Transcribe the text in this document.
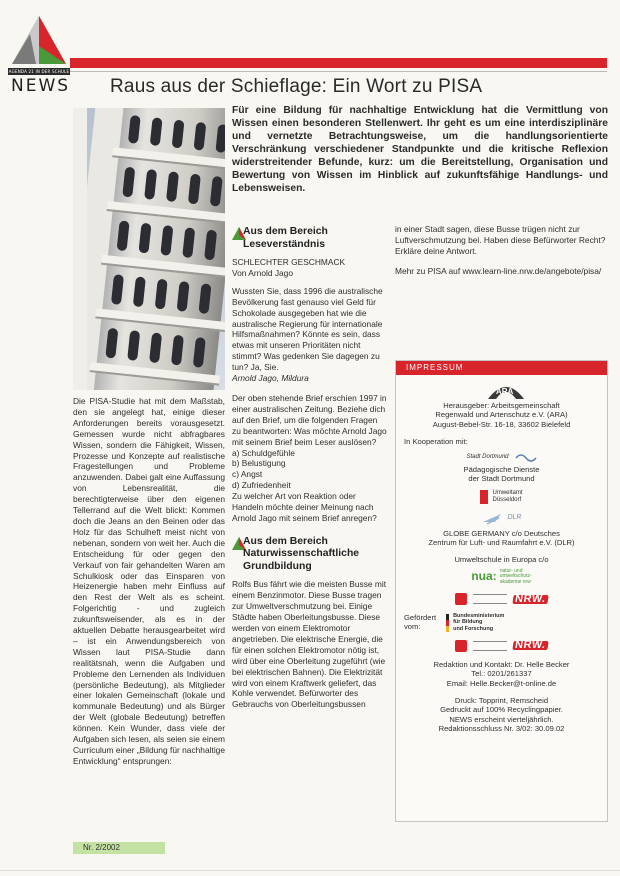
AGENDA 21 IN DER SCHULE
NEWS Raus aus der Schieflage: Ein Wort zu PISA

Für eine Bildung für nachhaltige Entwicklung hat die Vermittlung von Wissen einen besonderen Stellenwert. Ihr geht es um eine interdisziplinäre und vernetzte Betrachtungsweise, um die handlungsorientierte Verschränkung verschiedener Standpunkte und die kritische Reflexion widerstreitender Befunde, kurz: um die Bereitstellung, Organisation und Bewertung von Wissen im Hinblick auf zukunftsfähige Handlungs- und Lebensweisen.

Die PISA-Studie hat mit dem Maßstab, den sie angelegt hat, einige dieser Anforderungen bereits vorausgesetzt. Gemessen wurde nicht abfragbares Wissen, sondern die Fähigkeit, Wissen, Prozesse und Konzepte auf realistische Fragestellungen und Probleme anzuwenden. Dabei galt eine Auffassung von Lebensrealität, die berechtigterweise über den eigenen Tellerrand auf die Welt blickt: Kommen doch die Jeans an den Beinen oder das Holz für das Schulheft meist nicht von nebenan, sondern von weit her. Auch die Entscheidung für oder gegen den Verkauf von fair gehandelten Waren am Schulkiosk oder das Einsparen von Heizenergie haben mehr Einfluss auf den Rest der Welt als es scheint. Folgerichtig - und zugleich zukunftsweisender, als es in der aktuellen Debatte herausgearbeitet wird – ist ein Anwendungsbereich von Wissen laut PISA-Studie dann realitätsnah, wenn die Aufgaben und Probleme den Lernenden als Individuen (persönliche Bedeutung), als Mitglieder einer lokalen Gemeinschaft (lokale und kommunale Bedeutung) und als Bürger der Welt (globale Bedeutung) betreffen können. Kein Wunder, dass viele der Aufgaben sich lesen, als seien sie einem Curriculum einer „Bildung für nachhaltige Entwicklung“ entsprungen:

Aus dem Bereich Leseverständnis
SCHLECHTER GESCHMACK
Von Arnold Jago

Wussten Sie, dass 1996 die australische Bevölkerung fast genauso viel Geld für Schokolade ausgegeben hat wie die australische Regierung für internationale Hilfsmaßnahmen? Könnte es sein, dass etwas mit unseren Prioritäten nicht stimmt? Was gedenken Sie dagegen zu tun? Ja, Sie.

Arnold Jago, Mildura

Der oben stehende Brief erschien 1997 in einer australischen Zeitung. Beziehe dich auf den Brief, um die folgenden Fragen zu beantworten: Was möchte Arnold Jago mit seinem Brief beim Leser auslösen?

a) Schuldgefühle
b) Belustigung
c) Angst
d) Zufriedenheit

Zu welcher Art von Reaktion oder Handeln möchte deiner Meinung nach Arnold Jago mit seinem Brief anregen?

Aus dem Bereich Naturwissenschaftliche Grundbildung

Rolfs Bus fährt wie die meisten Busse mit einem Benzinmotor. Diese Busse tragen zur Umweltverschmutzung bei. Einige Städte haben Oberleitungsbusse. Diese werden von einem Elektromotor angetrieben. Die elektrische Energie, die für einen solchen Elektromotor nötig ist, wird über eine Oberleitung zugeführt (wie bei elektrischen Bahnen). Die Elektrizität wird von einem Kraftwerk geliefert, das Kohle verwendet. Befürworter des Gebrauchs von Oberleitungsbussen

in einer Stadt sagen, diese Busse trügen nicht zur Luftverschmutzung bei. Haben diese Befürworter Recht? Erkläre deine Antwort.

Mehr zu PISA auf www.learn-line.nrw.de/angebote/pisa/

IMPRESSUM
ARA
Herausgeber: Arbeitsgemeinschaft
Regenwald und Artenschutz e.V. (ARA)
August-Bebel-Str. 16-18, 33602 Bielefeld
In Kooperation mit:
Stadt Dortmund
Pädagogische Dienste
der Stadt Dortmund
Umweltamt
Düsseldorf
DLR
GLOBE GERMANY c/o Deutsches
Zentrum für Luft- und Raumfahrt e.V. (DLR)
Umweltschule in Europa c/o
nua: natur- und
umweltschutz-
akademie nrw
NRW.
Gefördert
vom:
Bundesministerium
für Bildung
und Forschung
NRW.
Redaktion und Kontakt: Dr. Helle Becker
Tel.: 0201/261337
Email: Helle.Becker@t-online.de
Druck: Topprint, Remscheid
Gedruckt auf 100% Recyclingpapier.
NEWS erscheint vierteljährlich.
Redaktionsschluss Nr. 3/02: 30.09.02
Nr. 2/2002
